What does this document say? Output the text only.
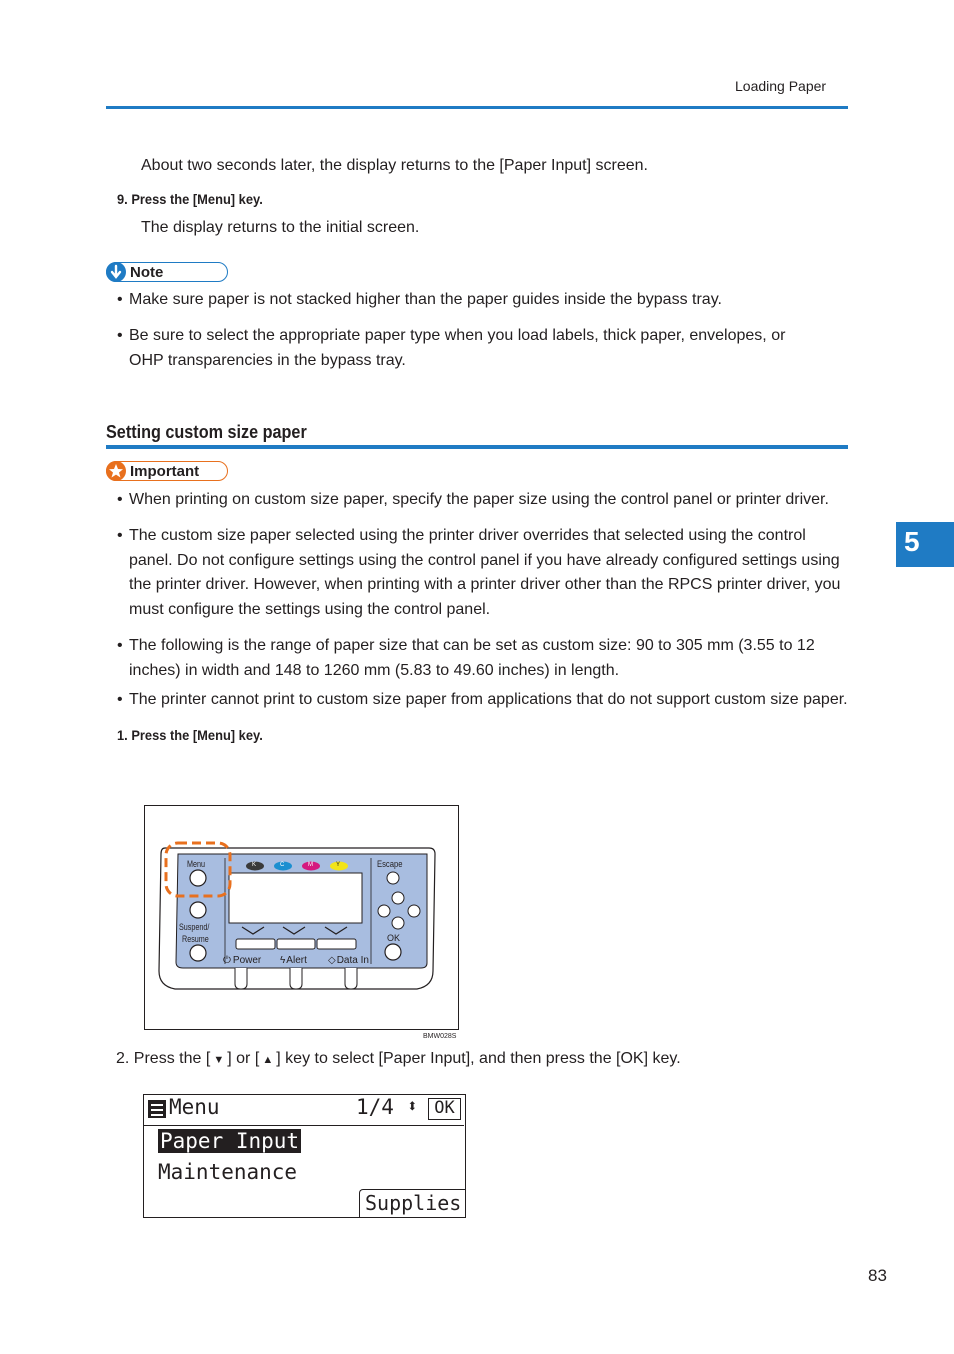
Loading Paper
About two seconds later, the display returns to the [Paper Input] screen.
9. Press the [Menu] key.
The display returns to the initial screen.
Note
• Make sure paper is not stacked higher than the paper guides inside the bypass tray.
• Be sure to select the appropriate paper type when you load labels, thick paper, envelopes, or OHP transparencies in the bypass tray.
Setting custom size paper
Important
• When printing on custom size paper, specify the paper size using the control panel or printer driver.
• The custom size paper selected using the printer driver overrides that selected using the control panel. Do not configure settings using the control panel if you have already configured settings using the printer driver. However, when printing with a printer driver other than the RPCS printer driver, you must configure the settings using the control panel.
• The following is the range of paper size that can be set as custom size: 90 to 305 mm (3.55 to 12 inches) in width and 148 to 1260 mm (5.83 to 49.60 inches) in length.
• The printer cannot print to custom size paper from applications that do not support custom size paper.
1. Press the [Menu] key.
Menu	Escape
Suspend/
Resume	OK
⏻ Power ϟ Alert ◇ Data In
K	C	M	Y
BMW028S
2. Press the [ ▼ ] or [ ▲ ] key to select [Paper Input], and then press the [OK] key.
Menu	1/4 ⬍ OK
Paper Input
Maintenance
Supplies
5
83
